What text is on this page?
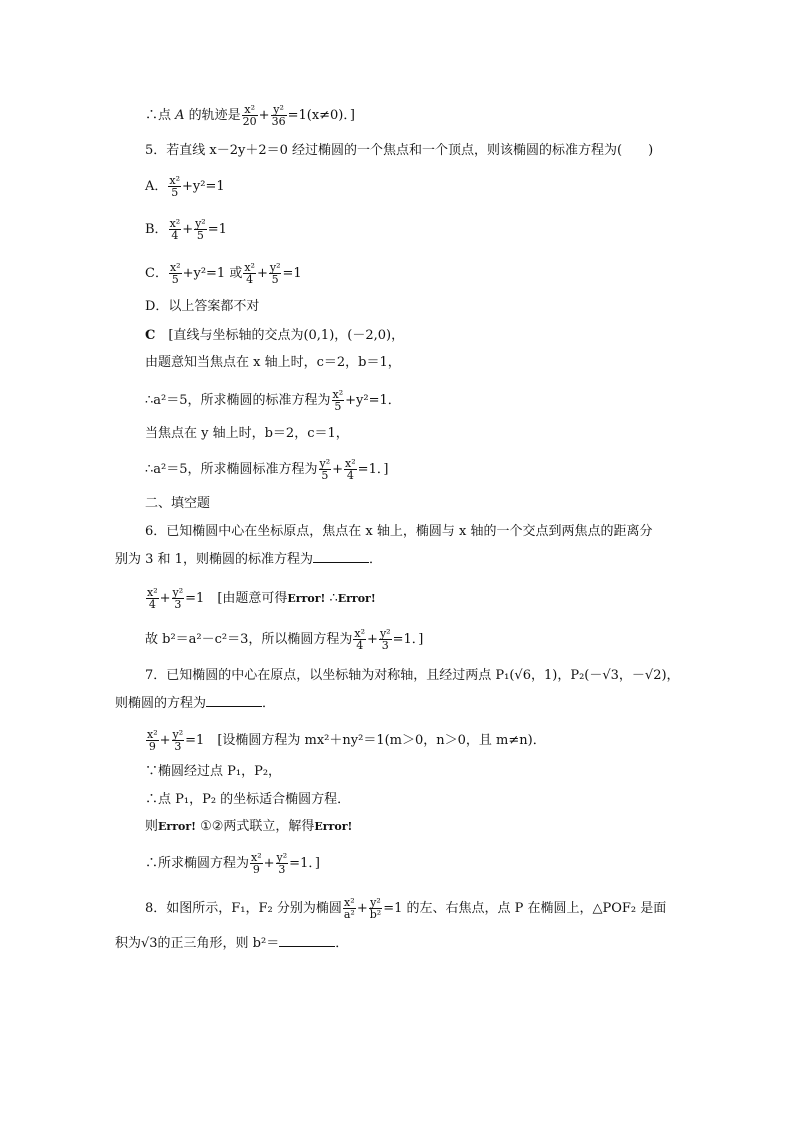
∴点 A 的轨迹是 $\frac{\text{x²}}{20} + \frac{\text{y²}}{36} =1(x\ne 0)$．]
5．若直线 x－2y＋2＝0 经过椭圆的一个焦点和一个顶点，则该椭圆的标准方程为(　　)
A． $\frac{\text{x²}}{5} +y^2=1$
B． $\frac{\text{x²}}{4} + \frac{\text{y²}}{5} =1$
C． $\frac{\text{x²}}{5} +y^2=1$ 或 $\frac{\text{x²}}{4} + \frac{\text{y²}}{5} =1$
D．以上答案都不对
C　 [直线与坐标轴的交点为(0,1)，(－2,0)，
由题意知当焦点在 x 轴上时，c＝2，b＝1，
∴a²＝5，所求椭圆的标准方程为 $\frac{\text{x²}}{5} +y^2=1$．
当焦点在 y 轴上时，b＝2，c＝1，
∴a²＝5，所求椭圆标准方程为 $\frac{\text{y²}}{5} + \frac{\text{x²}}{4} =1$．]
二、填空题
6．已知椭圆中心在坐标原点，焦点在 x 轴上，椭圆与 x 轴的一个交点到两焦点的距离分
别为 3 和 1，则椭圆的标准方程为	．
$\frac{\text{x²}}{4} + \frac{\text{y²}}{3} =1$　[由题意可得Error! ∴Error!
故 b²＝a²－c²＝3，所以椭圆方程为 $\frac{\text{x²}}{4} + \frac{\text{y²}}{3} =1$．]
7．已知椭圆的中心在原点，以坐标轴为对称轴，且经过两点 P₁(√6，1)，P₂(－√3，－√2)，
则椭圆的方程为	．
$\frac{\text{x²}}{9} + \frac{\text{y²}}{3} =1$　[设椭圆方程为 mx²＋ny²＝1(m＞0，n＞0，且 m≠n)．
∵椭圆经过点 P₁，P₂，
∴点 P₁，P₂ 的坐标适合椭圆方程．
则Error! ①②两式联立，解得Error!
∴所求椭圆方程为 $\frac{\text{x²}}{9} + \frac{\text{y²}}{3} =1$．]
8．如图所示，F₁，F₂ 分别为椭圆 $\frac{\text{x²}}{\text{a²}} + \frac{\text{y²}}{\text{b²}} =1$ 的左、右焦点，点 P 在椭圆上，△POF₂ 是面
积为√3的正三角形，则 b²＝	．
